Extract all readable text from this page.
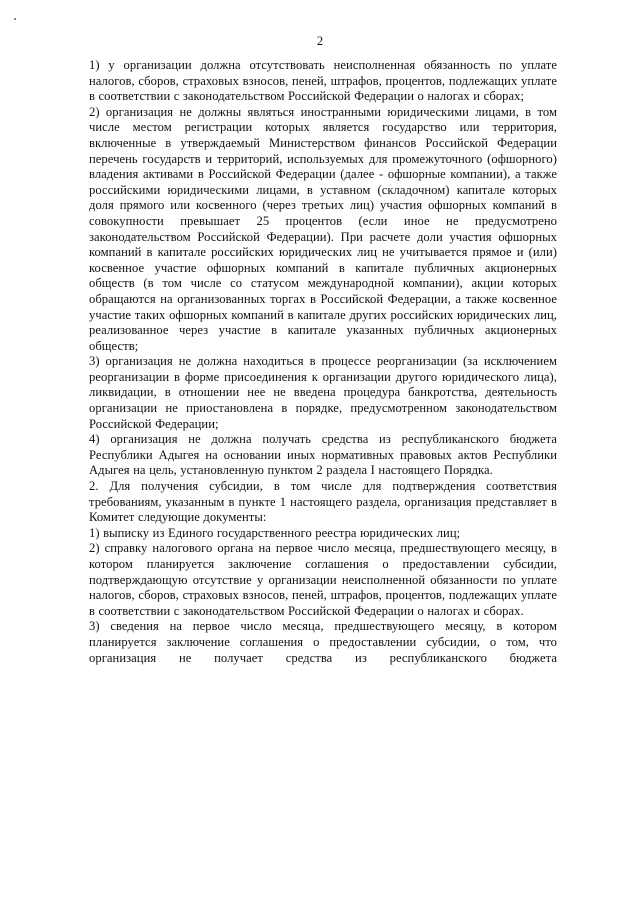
2

1) у организации должна отсутствовать неисполненная обязанность по уплате налогов, сборов, страховых взносов, пеней, штрафов, процентов, подлежащих уплате в соответствии с законодательством Российской Федерации о налогах и сборах;

2) организация не должны являться иностранными юридическими лицами, в том числе местом регистрации которых является государство или территория, включенные в утверждаемый Министерством финансов Российской Федерации перечень государств и территорий, используемых для промежуточного (офшорного) владения активами в Российской Федерации (далее - офшорные компании), а также российскими юридическими лицами, в уставном (складочном) капитале которых доля прямого или косвенного (через третьих лиц) участия офшорных компаний в совокупности превышает 25 процентов (если иное не предусмотрено законодательством Российской Федерации). При расчете доли участия офшорных компаний в капитале российских юридических лиц не учитывается прямое и (или) косвенное участие офшорных компаний в капитале публичных акционерных обществ (в том числе со статусом международной компании), акции которых обращаются на организованных торгах в Российской Федерации, а также косвенное участие таких офшорных компаний в капитале других российских юридических лиц, реализованное через участие в капитале указанных публичных акционерных обществ;

3) организация не должна находиться в процессе реорганизации (за исключением реорганизации в форме присоединения к организации другого юридического лица), ликвидации, в отношении нее не введена процедура банкротства, деятельность организации не приостановлена в порядке, предусмотренном законодательством Российской Федерации;

4) организация не должна получать средства из республиканского бюджета Республики Адыгея на основании иных нормативных правовых актов Республики Адыгея на цель, установленную пунктом 2 раздела I настоящего Порядка.

2. Для получения субсидии, в том числе для подтверждения соответствия требованиям, указанным в пункте 1 настоящего раздела, организация представляет в Комитет следующие документы:

1) выписку из Единого государственного реестра юридических лиц;

2) справку налогового органа на первое число месяца, предшествующего месяцу, в котором планируется заключение соглашения о предоставлении субсидии, подтверждающую отсутствие у организации неисполненной обязанности по уплате налогов, сборов, страховых взносов, пеней, штрафов, процентов, подлежащих уплате в соответствии с законодательством Российской Федерации о налогах и сборах.

3) сведения на первое число месяца, предшествующего месяцу, в котором планируется заключение соглашения о предоставлении субсидии, о том, что организация не получает средства из республиканского бюджета
